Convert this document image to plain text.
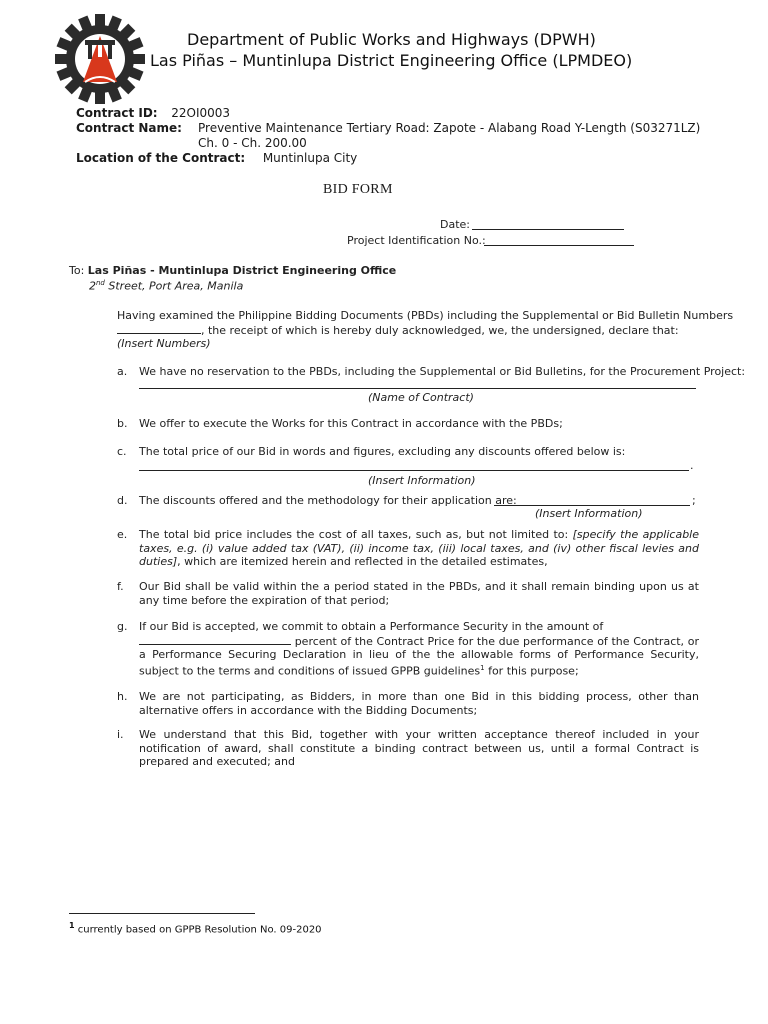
Department of Public Works and Highways (DPWH)
Las Piñas – Muntinlupa District Engineering Office (LPMDEO)
Contract ID: 22OI0003
Contract Name: Preventive Maintenance Tertiary Road: Zapote - Alabang Road Y-Length (S03271LZ)
Ch. 0 - Ch. 200.00
Location of the Contract: Muntinlupa City
BID FORM
Date:
Project Identification No.:
To: Las Piñas - Muntinlupa District Engineering Office
2nd Street, Port Area, Manila
Having examined the Philippine Bidding Documents (PBDs) including the Supplemental or Bid Bulletin Numbers
, the receipt of which is hereby duly acknowledged, we, the undersigned, declare that:
(Insert Numbers)
a. We have no reservation to the PBDs, including the Supplemental or Bid Bulletins, for the Procurement Project:
(Name of Contract)
b. We offer to execute the Works for this Contract in accordance with the PBDs;
c. The total price of our Bid in words and figures, excluding any discounts offered below is:
.
(Insert Information)
d. The discounts offered and the methodology for their application are:	;
(Insert Information)
e. The total bid price includes the cost of all taxes, such as, but not limited to: [specify the applicable taxes, e.g. (i) value added tax (VAT), (ii) income tax, (iii) local taxes, and (iv) other fiscal levies and duties], which are itemized herein and reflected in the detailed estimates,
f. Our Bid shall be valid within the a period stated in the PBDs, and it shall remain binding upon us at any time before the expiration of that period;
g. If our Bid is accepted, we commit to obtain a Performance Security in the amount of
percent of the Contract Price for the due performance of the Contract, or a Performance Securing Declaration in lieu of the the allowable forms of Performance Security, subject to the terms and conditions of issued GPPB guidelines$^1$ for this purpose;
h. We are not participating, as Bidders, in more than one Bid in this bidding process, other than alternative offers in accordance with the Bidding Documents;
i. We understand that this Bid, together with your written acceptance thereof included in your notification of award, shall constitute a binding contract between us, until a formal Contract is prepared and executed; and
$^1$ currently based on GPPB Resolution No. 09-2020
